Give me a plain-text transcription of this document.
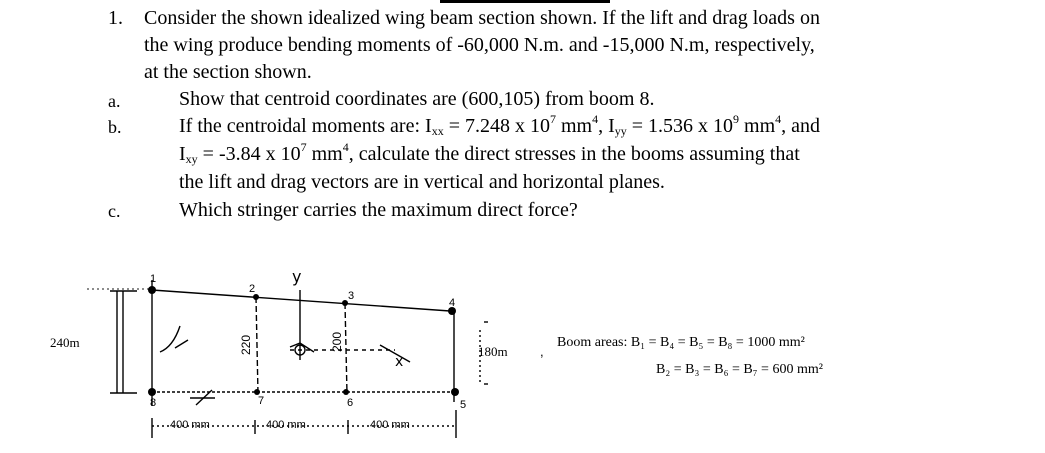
1. Consider the shown idealized wing beam section shown. If the lift and drag loads on
the wing produce bending moments of -60,000 N.m. and -15,000 N.m, respectively,
at the section shown.
a.
b.
c.
Show that centroid coordinates are (600,105) from boom 8.
If the centroidal moments are: $I_{xx} = 7.248$ x $10^7$ $mm^4$, $I_{yy} = 1.536$ x $10^9$ $mm^4$, and
$I_{xy} = -3.84$ x $10^7$ $mm^4$, calculate the direct stresses in the booms assuming that
the lift and drag vectors are in vertical and horizontal planes.
Which stringer carries the maximum direct force?
240m
180m ,
1
2
3
4
5
6
7
8
220	200
y
x
400 mm	400 mm	400 mm
Boom areas: B₁ = B₄ = B₅ = B₈ = 1000 mm²
B₂ = B₃ = B₆ = B₇ = 600 mm²
